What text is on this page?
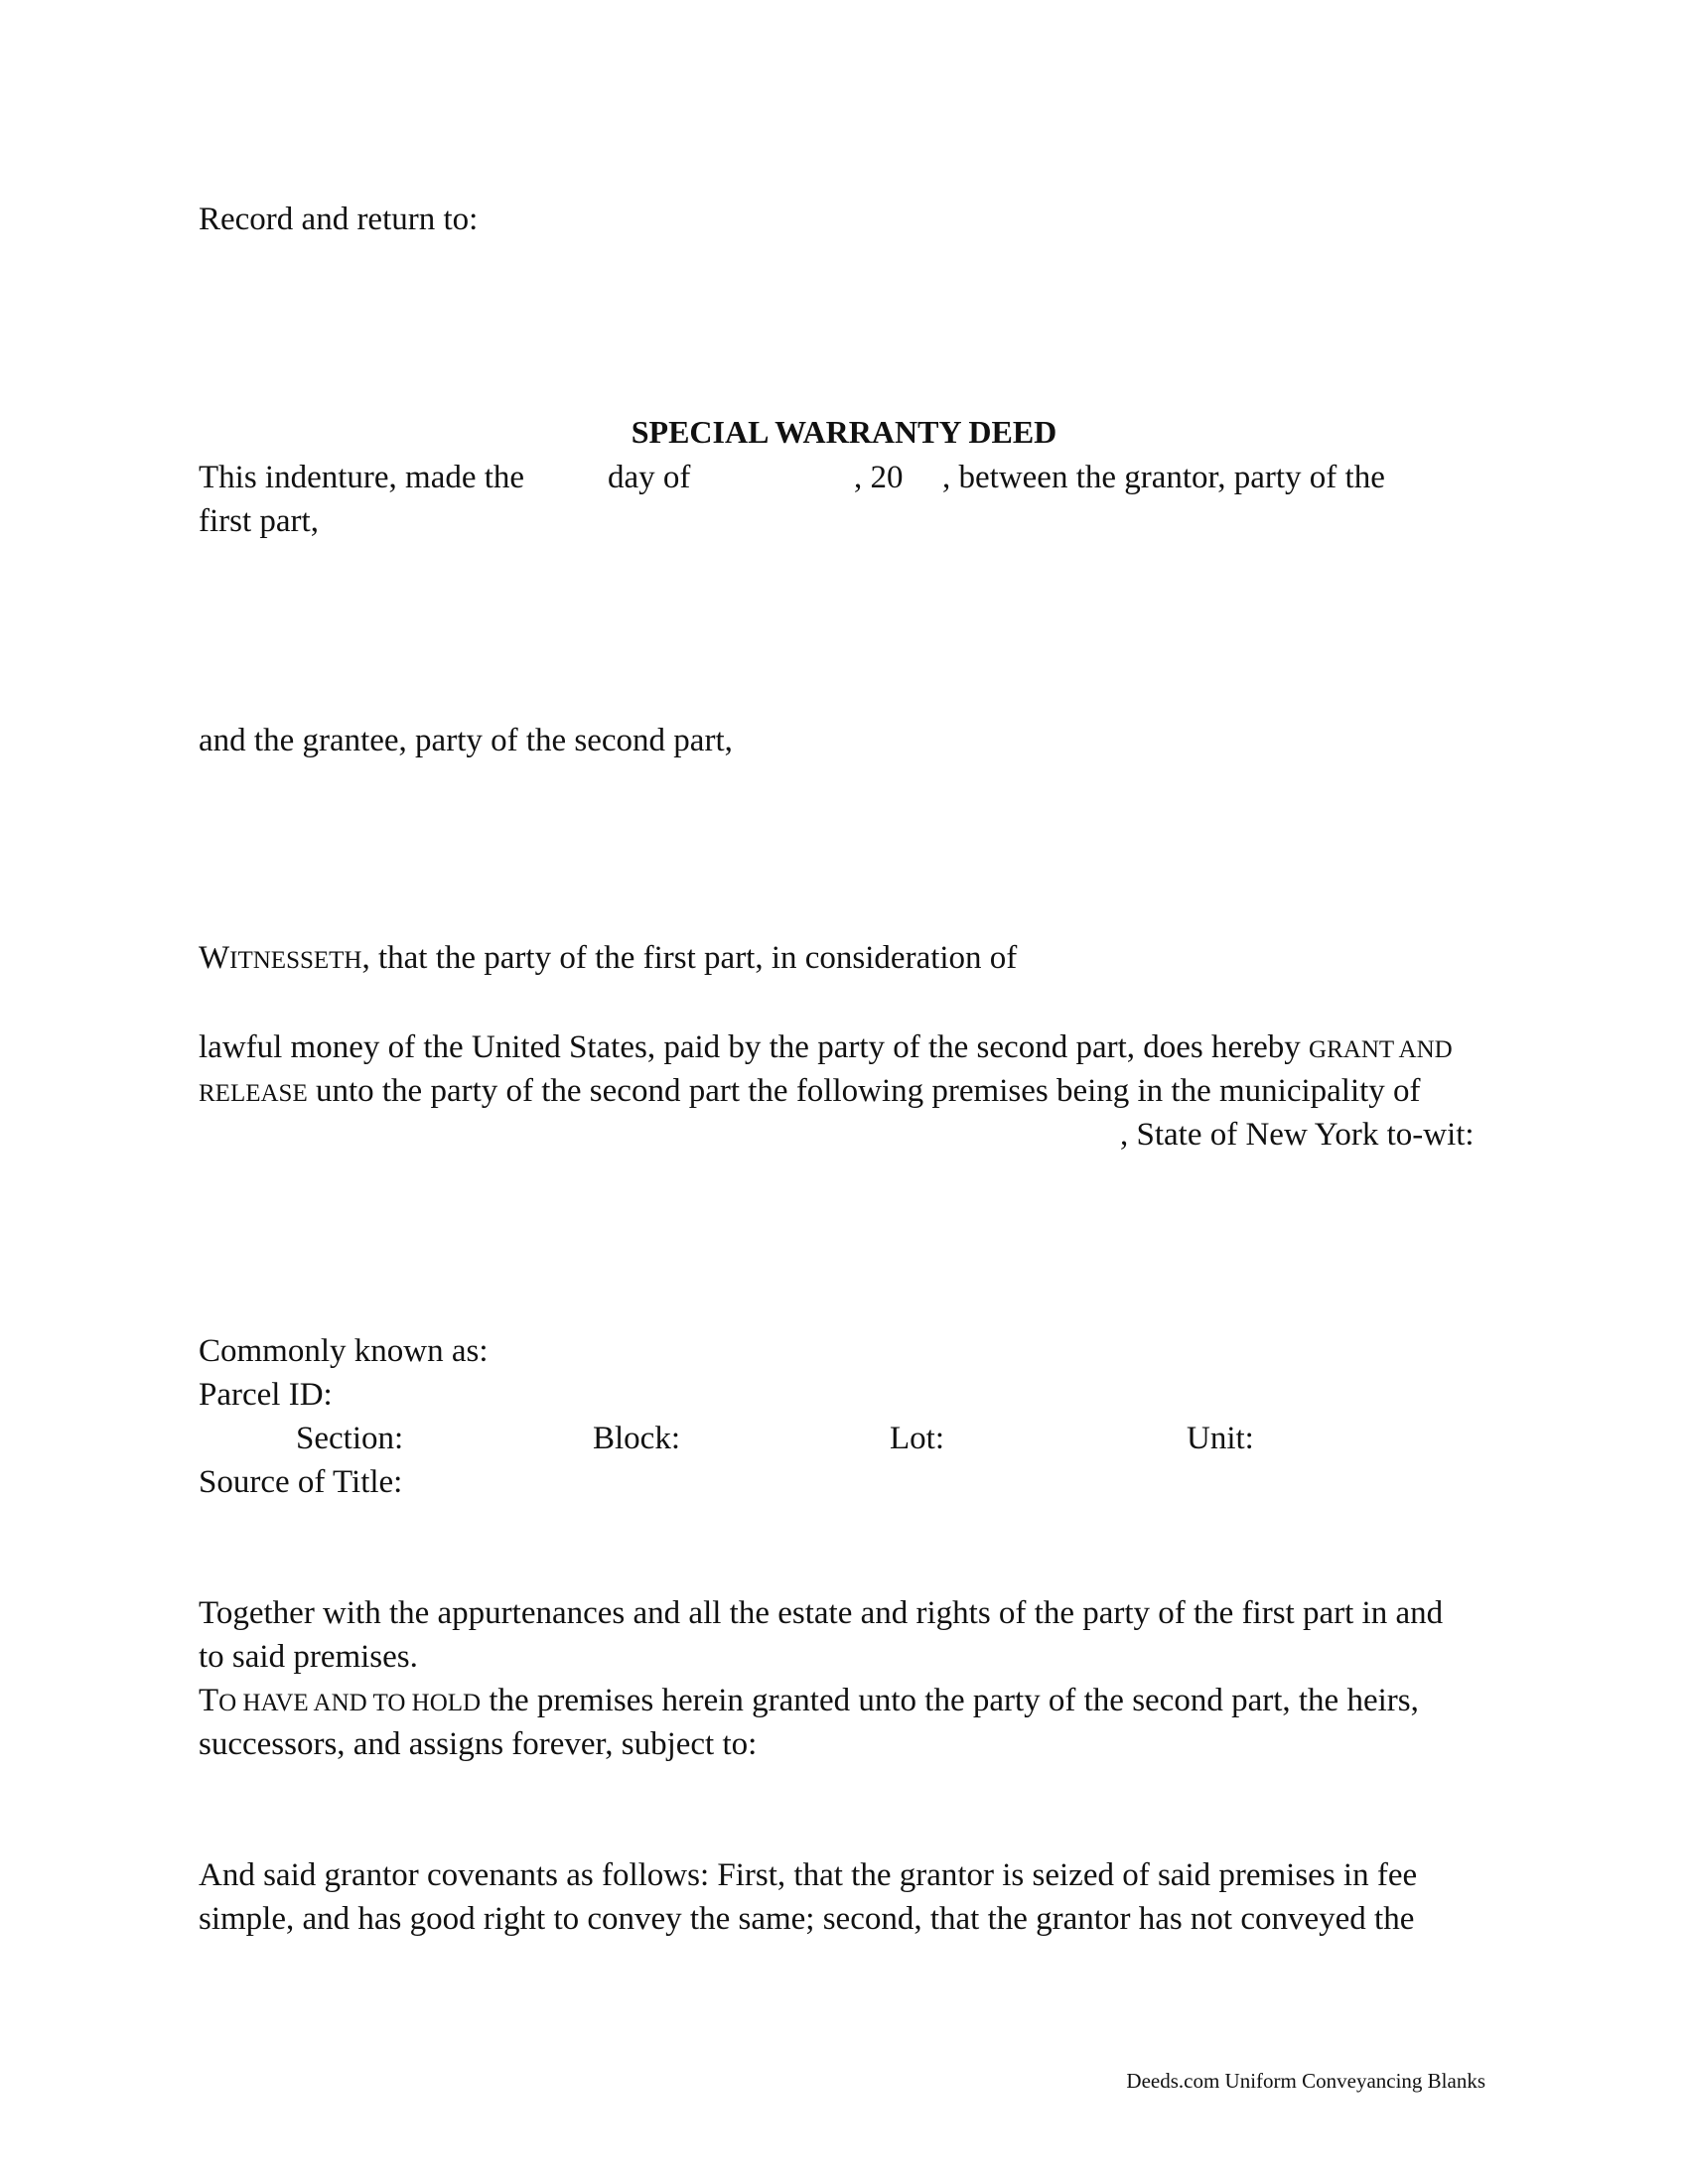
Record and return to:
SPECIAL WARRANTY DEED
This indenture, made the	day of	, 20 , between the grantor, party of the
first part,
and the grantee, party of the second part,
WITNESSETH, that the party of the first part, in consideration of
lawful money of the United States, paid by the party of the second part, does hereby GRANT AND
RELEASE unto the party of the second part the following premises being in the municipality of
, State of New York to-wit:
Commonly known as:
Parcel ID:
Section:	Block:	Lot:	Unit:
Source of Title:
Together with the appurtenances and all the estate and rights of the party of the first part in and
to said premises.
TO HAVE AND TO HOLD the premises herein granted unto the party of the second part, the heirs,
successors, and assigns forever, subject to:
And said grantor covenants as follows: First, that the grantor is seized of said premises in fee
simple, and has good right to convey the same; second, that the grantor has not conveyed the
Deeds.com Uniform Conveyancing Blanks
